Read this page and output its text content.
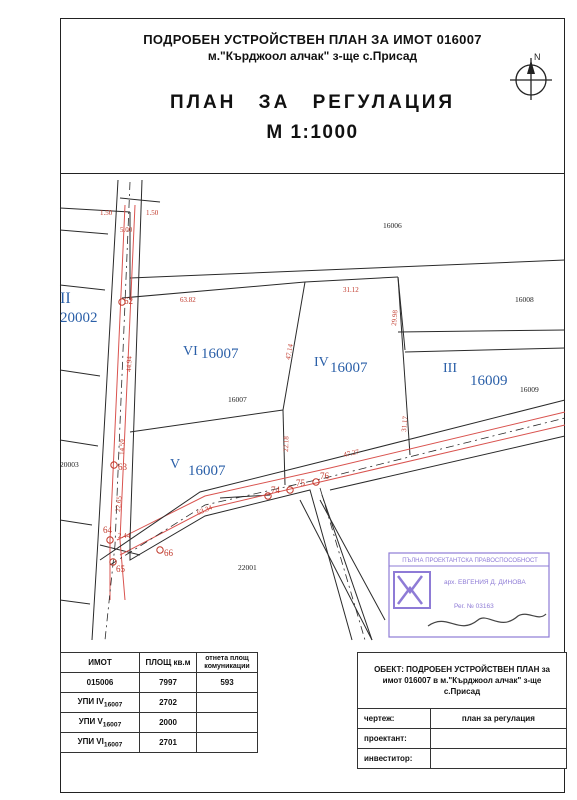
ПОДРОБЕН УСТРОЙСТВЕН ПЛАН ЗА ИМОТ 016007
м."Кърджоол алчак" з-ще с.Присад
ПЛАН ЗА РЕГУЛАЦИЯ
М 1:1000
N
62
63
64
65
66
74
75
76
63.82
31.12
47.14
29.98
31.17
22.18
44.94
14.59	47.27
22.65	63.34
2.44
1.50	1.50
5.00	16006
16008
16009
16007
20003
22001
II
20002
VI 16007
IV 16007	III
16009
V 16007
ПЪЛНА ПРОЕКТАНТСКА ПРАВОСПОСОБНОСТ
арх. ЕВГЕНИЯ Д. ДИНОВА
Рег. № 03163
ИМОТ	ПЛОЩ кв.м	отнета площ комуникации
015006	7997	593
УПИ $IV_{16007}$	2702	
УПИ $V_{16007}$	2000	
УПИ $VI_{16007}$	2701	
ОБЕКТ: ПОДРОБЕН УСТРОЙСТВЕН ПЛАН за имот 016007 в м."Кърджоол алчак" з-ще с.Присад	
чертеж:	план за регулация
проектант:	
инвеститор:	
